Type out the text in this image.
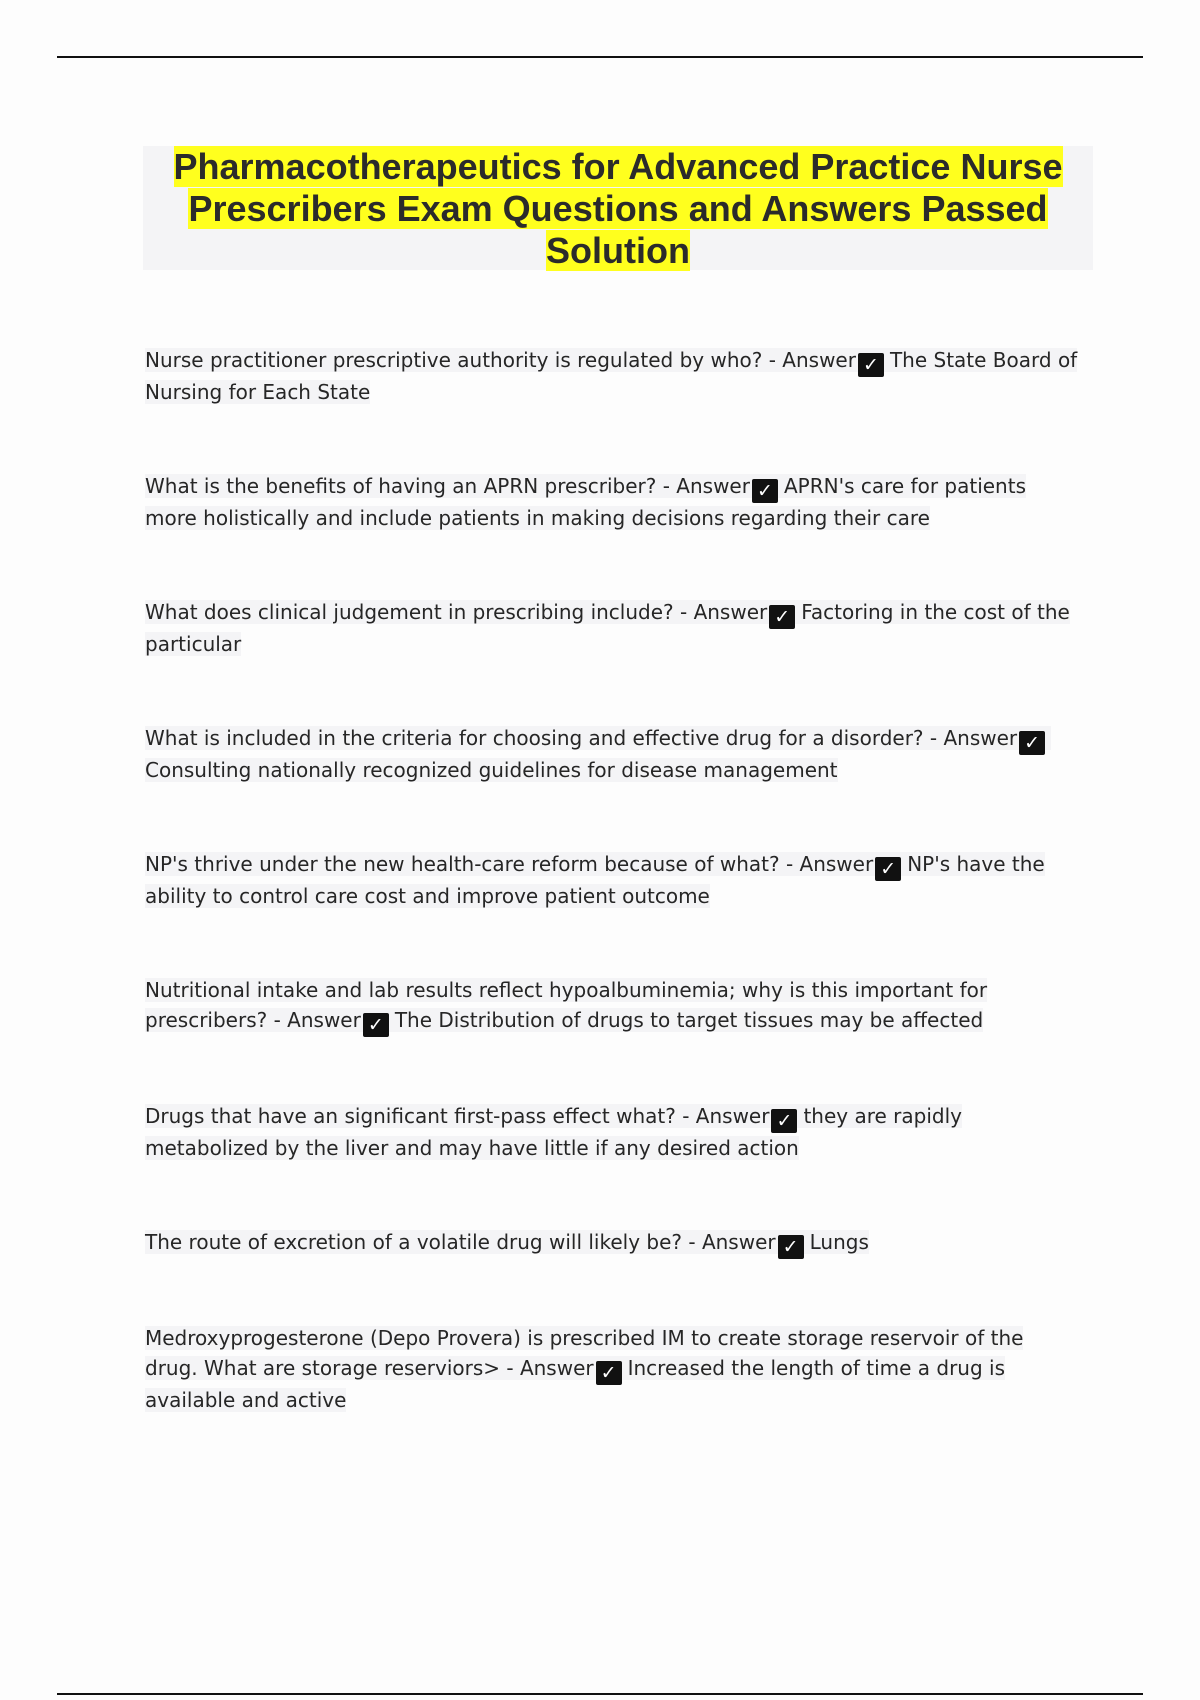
Pharmacotherapeutics for Advanced Practice Nurse Prescribers Exam Questions and Answers Passed Solution
Nurse practitioner prescriptive authority is regulated by who? - Answer ✓ The State Board of Nursing for Each State
What is the benefits of having an APRN prescriber? - Answer ✓ APRN's care for patients more holistically and include patients in making decisions regarding their care
What does clinical judgement in prescribing include? - Answer ✓ Factoring in the cost of the particular
What is included in the criteria for choosing and effective drug for a disorder? - Answer ✓Consulting nationally recognized guidelines for disease management
NP's thrive under the new health-care reform because of what? - Answer ✓ NP's have the ability to control care cost and improve patient outcome
Nutritional intake and lab results reflect hypoalbuminemia; why is this important for prescribers? - Answer ✓ The Distribution of drugs to target tissues may be affected
Drugs that have an significant first-pass effect what? - Answer ✓ they are rapidly metabolized by the liver and may have little if any desired action
The route of excretion of a volatile drug will likely be? - Answer ✓ Lungs
Medroxyprogesterone (Depo Provera) is prescribed IM to create storage reservoir of the drug. What are storage reserviors> - Answer ✓ Increased the length of time a drug is available and active
